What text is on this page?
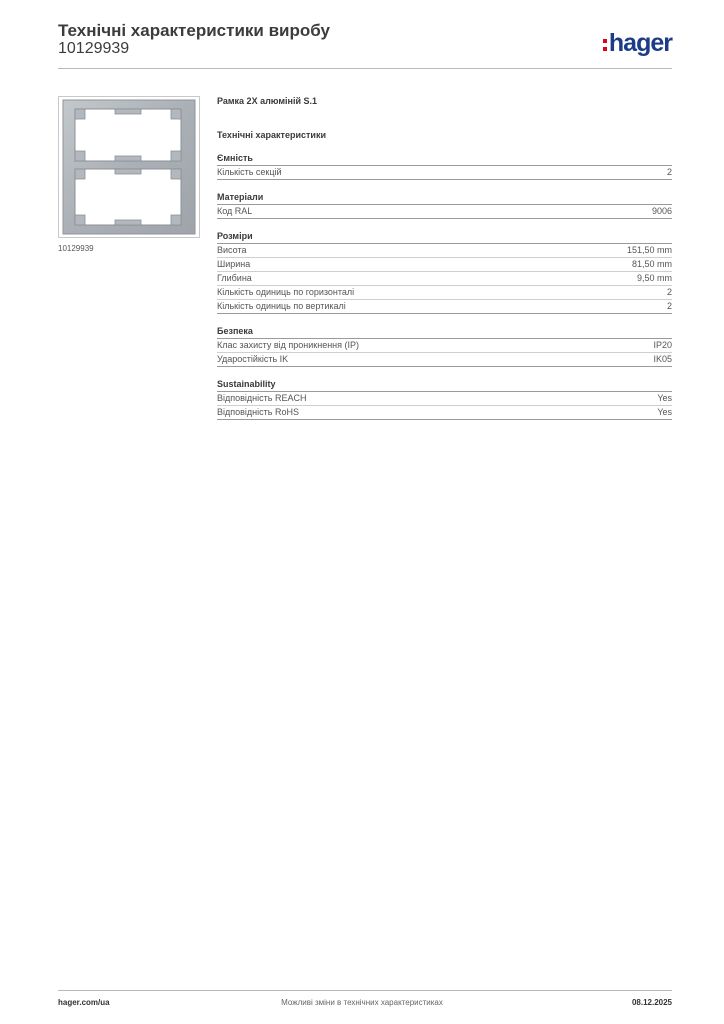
Технічні характеристики виробу
10129939	hager
10129939
Рамка 2X алюміній S.1
Технічні характеристики
Ємність
Кількість секцій	2
Матеріали
Код RAL	9006
Розміри
Висота	151,50 mm
Ширина	81,50 mm
Глибина	9,50 mm
Кількість одиниць по горизонталі	2
Кількість одиниць по вертикалі	2
Безпека
Клас захисту від проникнення (IP)	IP20
Ударостійкість IK	IK05
Sustainability
Відповідність REACH	Yes
Відповідність RoHS	Yes
hager.com/ua	Можливі зміни в технічних характеристиках	08.12.2025
